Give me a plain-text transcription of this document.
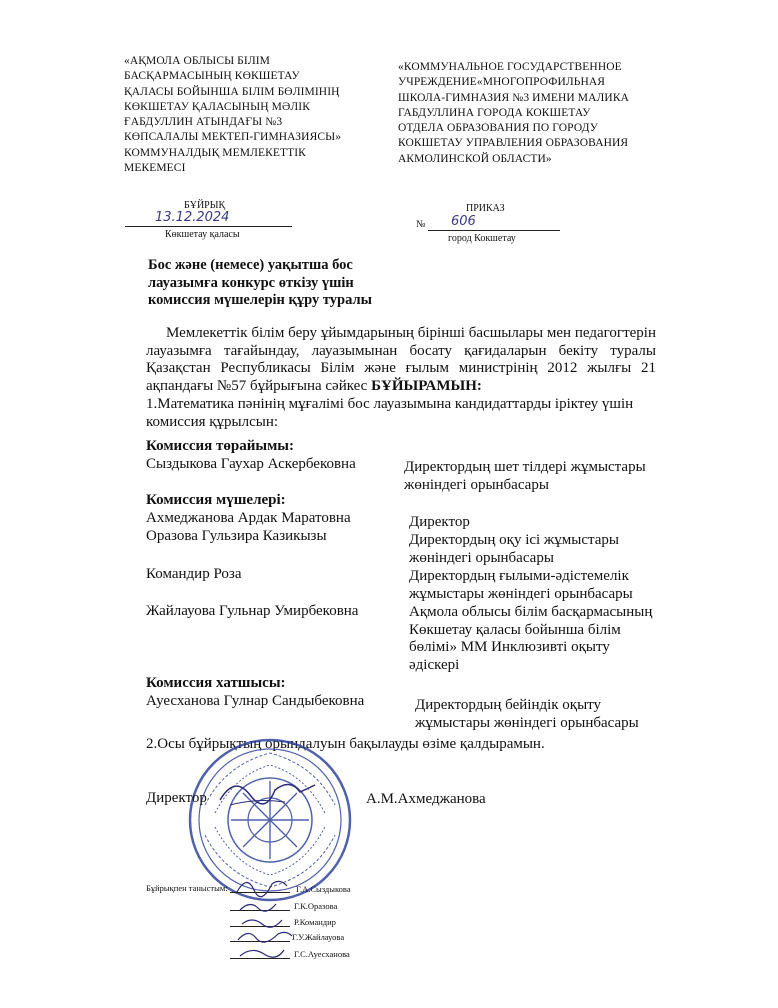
«АҚМОЛА ОБЛЫСЫ БІЛІМ
БАСҚАРМАСЫНЫҢ КӨКШЕТАУ
ҚАЛАСЫ БОЙЫНША БІЛІМ БӨЛІМІНІҢ
КӨКШЕТАУ ҚАЛАСЫНЫҢ МӘЛІК
ҒАБДУЛЛИН АТЫНДАҒЫ №3
КӨПСАЛАЛЫ МЕКТЕП-ГИМНАЗИЯСЫ»
КОММУНАЛДЫҚ МЕМЛЕКЕТТІК
МЕКЕМЕСІ
«КОММУНАЛЬНОЕ ГОСУДАРСТВЕННОЕ
УЧРЕЖДЕНИЕ«МНОГОПРОФИЛЬНАЯ
ШКОЛА-ГИМНАЗИЯ №3 ИМЕНИ МАЛИКА
ГАБДУЛЛИНА ГОРОДА КОКШЕТАУ
ОТДЕЛА ОБРАЗОВАНИЯ ПО ГОРОДУ
КОКШЕТАУ УПРАВЛЕНИЯ ОБРАЗОВАНИЯ
АКМОЛИНСКОЙ ОБЛАСТИ»
БҰЙРЫҚ
13.12.2024
Көкшетау қаласы
ПРИКАЗ
№ 606
город Кокшетау
Бос және (немесе) уақытша бос
лауазымға конкурс өткізу үшін
комиссия мүшелерін құру туралы
Мемлекеттік білім беру ұйымдарының бірінші басшылары мен педагогтерін лауазымға тағайындау, лауазымынан босату қағидаларын бекіту туралы Қазақстан Республикасы Білім және ғылым министрінің 2012 жылғы 21 ақпандағы №57 бұйрығына сәйкес БҰЙЫРАМЫН:
1.Математика пәнінің мұғалімі бос лауазымына кандидаттарды іріктеу үшін комиссия құрылсын:
Комиссия төрайымы:
Сыздыкова Гаухар Аскербековна	Директордың шет тілдері жұмыстары
жөніндегі орынбасары
Комиссия мүшелері:
Ахмеджанова Ардак Маратовна	Директор
Оразова Гульзира Казикызы	Директордың оқу ісі жұмыстары
жөніндегі орынбасары
Командир Роза	Директордың ғылыми-әдістемелік
жұмыстары жөніндегі орынбасары
Жайлауова Гульнар Умирбековна	Ақмола облысы білім басқармасының
Көкшетау қаласы бойынша білім
бөлімі» ММ Инклюзивті оқыту
әдіскері
Комиссия хатшысы:
Ауесханова Гулнар Сандыбековна	Директордың бейіндік оқыту
жұмыстары жөніндегі орынбасары
2.Осы бұйрықтың орындалуын бақылауды өзіме қалдырамын.
Директор	А.М.Ахмеджанова
Бұйрықпен таныстым:	Г.А.Сыздыкова
Г.К.Оразова
Р.Командир
Г.У.Жайлауова
Г.С.Ауесханова
